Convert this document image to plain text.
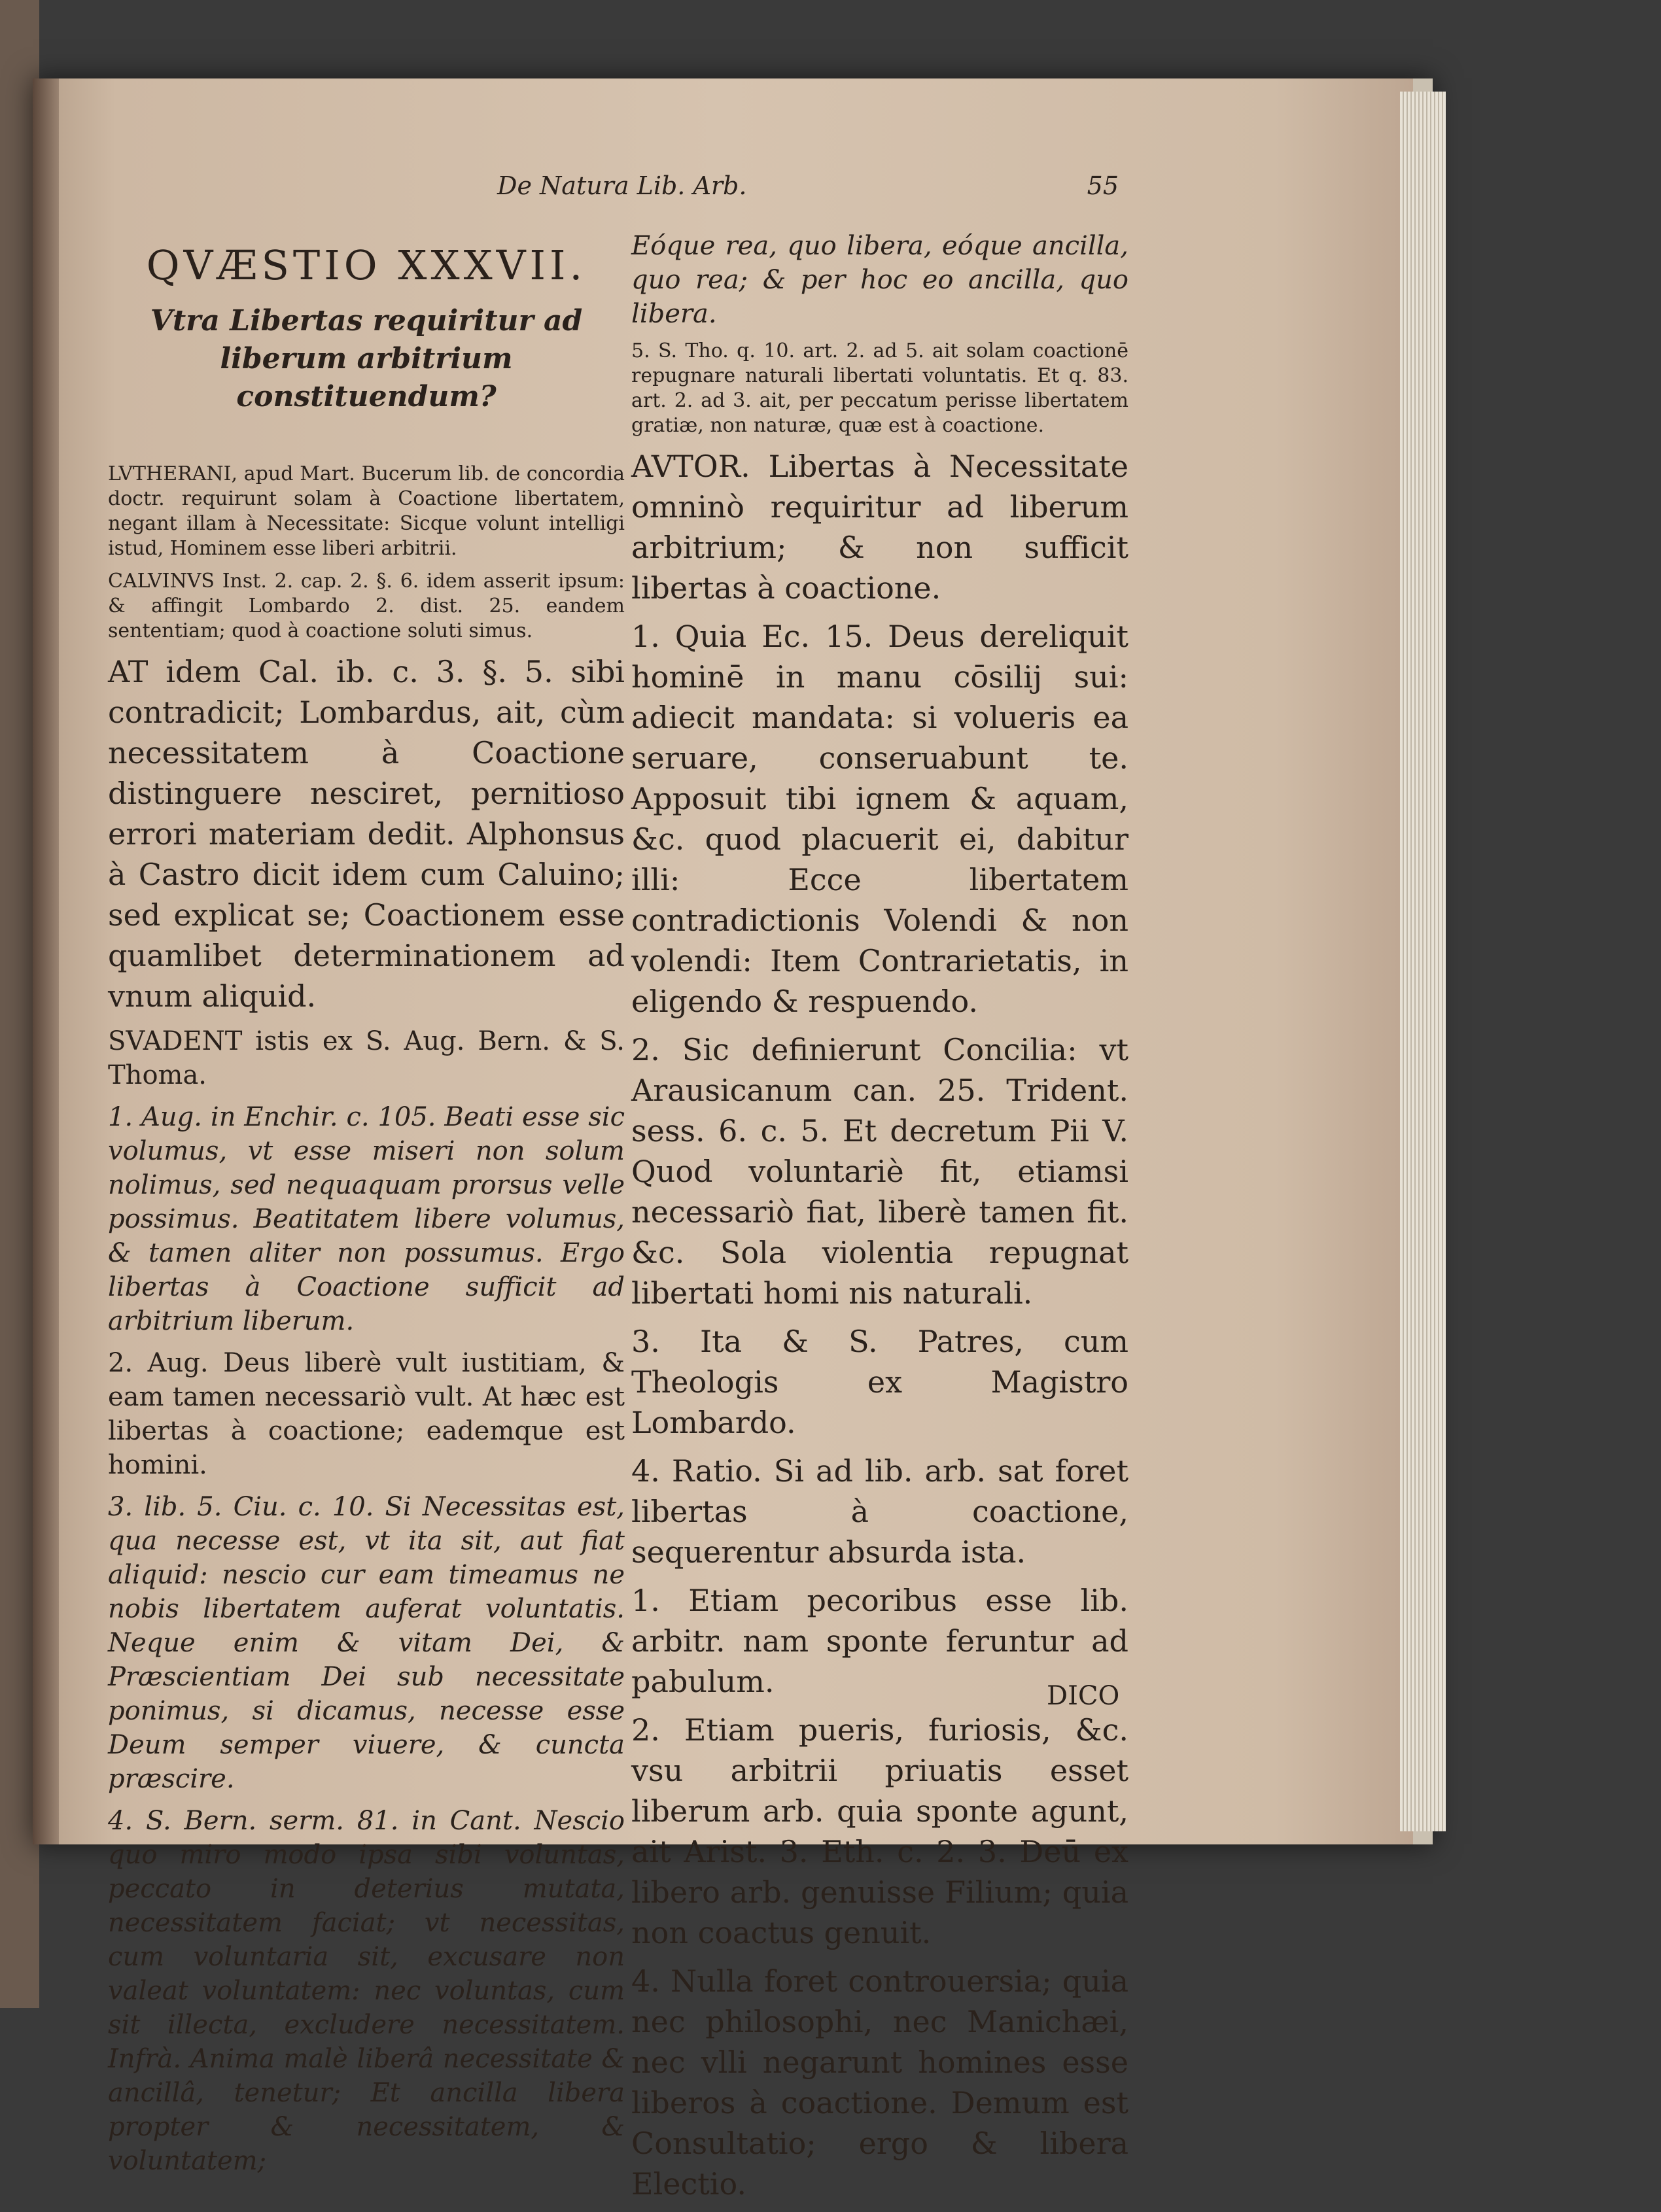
De Natura Lib. Arb.	55
QVÆSTIO XXXVII.
Vtra Libertas requiritur ad liberum arbitrium constituendum?

LVTHERANI, apud Mart. Bucerum lib. de concordia doctr. requirunt solam à Coactione libertatem, negant illam à Necessitate: Sicque volunt intelligi istud, Hominem esse liberi arbitrii.

CALVINVS Inst. 2. cap. 2. §. 6. idem asserit ipsum: & affingit Lombardo 2. dist. 25. eandem sententiam; quod à coactione soluti simus.

AT idem Cal. ib. c. 3. §. 5. sibi contradicit; Lombardus, ait, cùm necessitatem à Coactione distinguere nesciret, pernitioso errori materiam dedit. Alphonsus à Castro dicit idem cum Caluino; sed explicat se; Coactionem esse quamlibet determinationem ad vnum aliquid.

SVADENT istis ex S. Aug. Bern. & S. Thoma.

1. Aug. in Enchir. c. 105. Beati esse sic volumus, vt esse miseri non solum nolimus, sed nequaquam prorsus velle possimus. Beatitatem libere volumus, & tamen aliter non possumus. Ergo libertas à Coactione sufficit ad arbitrium liberum.

2. Aug. Deus liberè vult iustitiam, & eam tamen necessariò vult. At hæc est libertas à coactione; eademque est homini.

3. lib. 5. Ciu. c. 10. Si Necessitas est, qua necesse est, vt ita sit, aut fiat aliquid: nescio cur eam timeamus ne nobis libertatem auferat voluntatis. Neque enim & vitam Dei, & Præscientiam Dei sub necessitate ponimus, si dicamus, necesse esse Deum semper viuere, & cuncta præscire.

4. S. Bern. serm. 81. in Cant. Nescio quo miro modo ipsa sibi voluntas, peccato in deterius mutata, necessitatem faciat; vt necessitas, cum voluntaria sit, excusare non valeat voluntatem: nec voluntas, cum sit illecta, excludere necessitatem. Infrà. Anima malè liberâ necessitate & ancillâ, tenetur; Et ancilla libera propter & necessitatem, & voluntatem;

Eóque rea, quo libera, eóque ancilla, quo rea; & per hoc eo ancilla, quo libera.

5. S. Tho. q. 10. art. 2. ad 5. ait solam coactionē repugnare naturali libertati voluntatis. Et q. 83. art. 2. ad 3. ait, per peccatum perisse libertatem gratiæ, non naturæ, quæ est à coactione.

AVTOR. Libertas à Necessitate omninò requiritur ad liberum arbitrium; & non sufficit libertas à coactione.

1. Quia Ec. 15. Deus dereliquit hominē in manu cōsilij sui: adiecit mandata: si volueris ea seruare, conseruabunt te. Apposuit tibi ignem & aquam, &c. quod placuerit ei, dabitur illi: Ecce libertatem contradictionis Volendi & non volendi: Item Contrarietatis, in eligendo & respuendo.

2. Sic definierunt Concilia: vt Arausicanum can. 25. Trident. sess. 6. c. 5. Et decretum Pii V. Quod voluntariè fit, etiamsi necessariò fiat, liberè tamen fit. &c. Sola violentia repugnat libertati homi nis naturali.

3. Ita & S. Patres, cum Theologis ex Magistro Lombardo.

4. Ratio. Si ad lib. arb. sat foret libertas à coactione, sequerentur absurda ista.

1. Etiam pecoribus esse lib. arbitr. nam sponte feruntur ad pabulum.

2. Etiam pueris, furiosis, &c. vsu arbitrii priuatis esset liberum arb. quia sponte agunt, ait Arist. 3. Eth. c. 2. 3. Deū ex libero arb. genuisse Filium; quia non coactus genuit.

4. Nulla foret controuersia; quia nec philosophi, nec Manichæi, nec vlli negarunt homines esse liberos à coactione. Demum est Consultatio; ergo & libera Electio.

DICO
